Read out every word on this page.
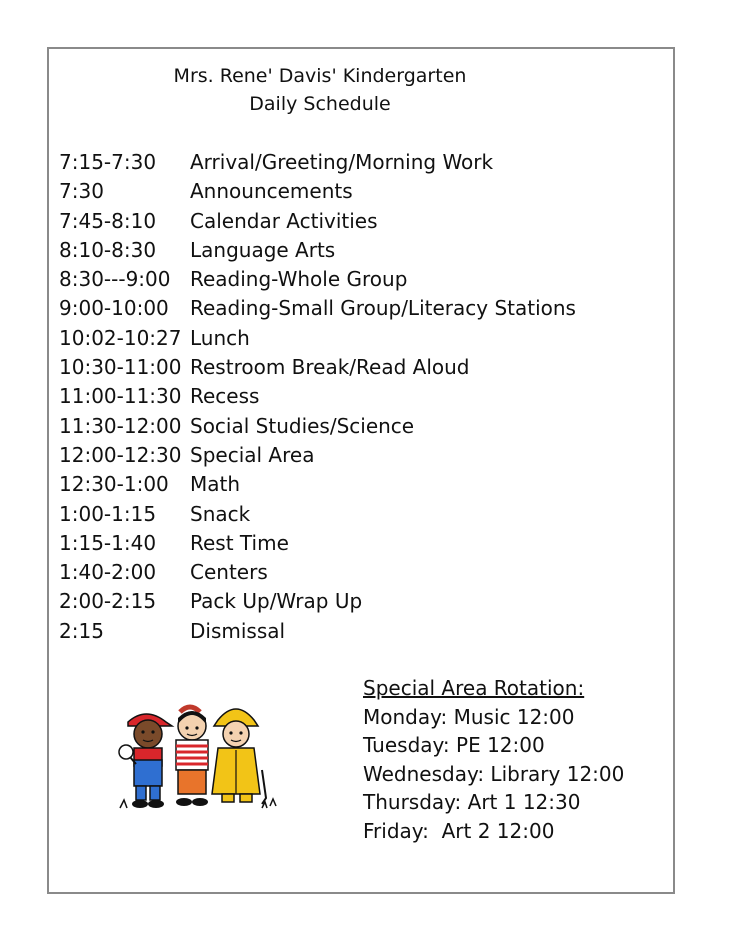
Mrs. Rene' Davis' Kindergarten
Daily Schedule
7:15-7:30 Arrival/Greeting/Morning Work
7:30	Announcements
7:45-8:10 Calendar Activities
8:10-8:30 Language Arts
8:30---9:00 Reading-Whole Group
9:00-10:00 Reading-Small Group/Literacy Stations
10:02-10:27 Lunch
10:30-11:00 Restroom Break/Read Aloud
11:00-11:30 Recess
11:30-12:00 Social Studies/Science
12:00-12:30 Special Area
12:30-1:00 Math
1:00-1:15 Snack
1:15-1:40 Rest Time
1:40-2:00 Centers
2:00-2:15 Pack Up/Wrap Up
2:15	Dismissal
Special Area Rotation:
Monday: Music 12:00
Tuesday: PE 12:00
Wednesday: Library 12:00
Thursday: Art 1 12:30
Friday:  Art 2 12:00
